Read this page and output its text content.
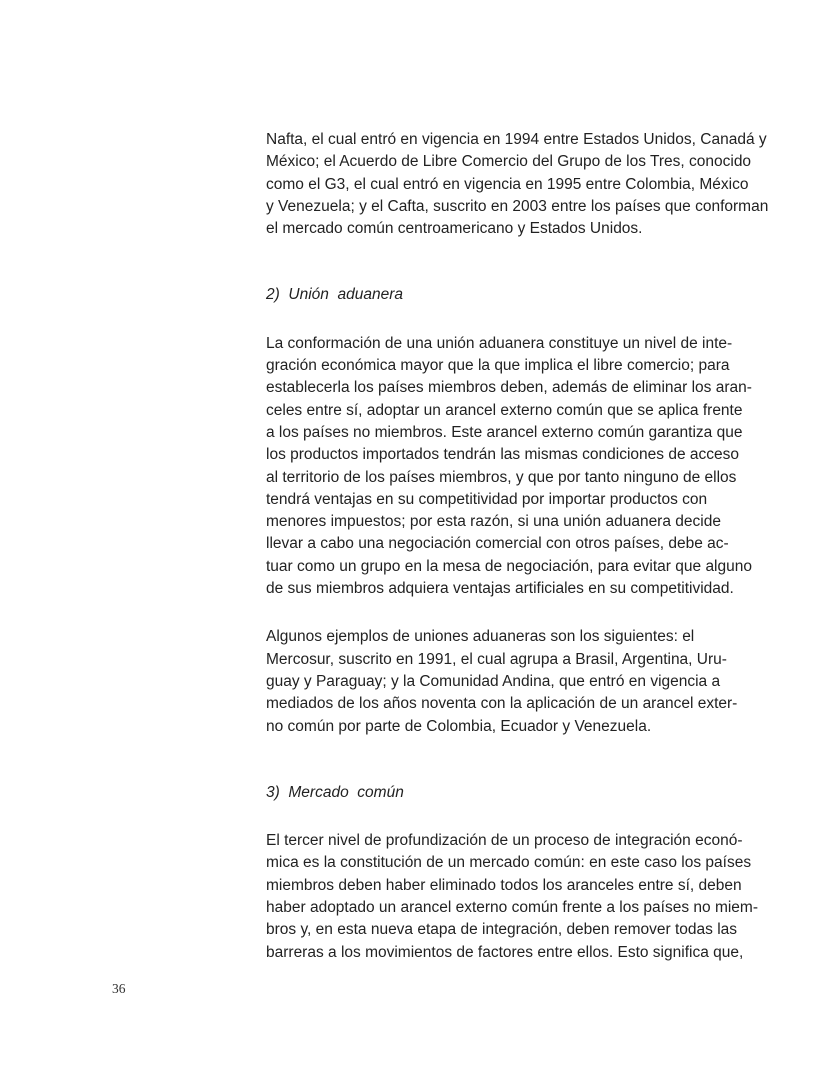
Nafta, el cual entró en vigencia en 1994 entre Estados Unidos, Canadá y
México; el Acuerdo de Libre Comercio del Grupo de los Tres, conocido
como el G3, el cual entró en vigencia en 1995 entre Colombia, México
y Venezuela; y el Cafta, suscrito en 2003 entre los países que conforman
el mercado común centroamericano y Estados Unidos.
2)  Unión  aduanera
La conformación de una unión aduanera constituye un nivel de inte-
gración económica mayor que la que implica el libre comercio; para
establecerla los países miembros deben, además de eliminar los aran-
celes entre sí, adoptar un arancel externo común que se aplica frente
a los países no miembros. Este arancel externo común garantiza que
los productos importados tendrán las mismas condiciones de acceso
al territorio de los países miembros, y que por tanto ninguno de ellos
tendrá ventajas en su competitividad por importar productos con
menores impuestos; por esta razón, si una unión aduanera decide
llevar a cabo una negociación comercial con otros países, debe ac-
tuar como un grupo en la mesa de negociación, para evitar que alguno
de sus miembros adquiera ventajas artificiales en su competitividad.
Algunos ejemplos de uniones aduaneras son los siguientes: el
Mercosur, suscrito en 1991, el cual agrupa a Brasil, Argentina, Uru-
guay y Paraguay; y la Comunidad Andina, que entró en vigencia a
mediados de los años noventa con la aplicación de un arancel exter-
no común por parte de Colombia, Ecuador y Venezuela.
3)  Mercado  común
El tercer nivel de profundización de un proceso de integración econó-
mica es la constitución de un mercado común: en este caso los países
miembros deben haber eliminado todos los aranceles entre sí, deben
haber adoptado un arancel externo común frente a los países no miem-
bros y, en esta nueva etapa de integración, deben remover todas las
barreras a los movimientos de factores entre ellos. Esto significa que,
36
